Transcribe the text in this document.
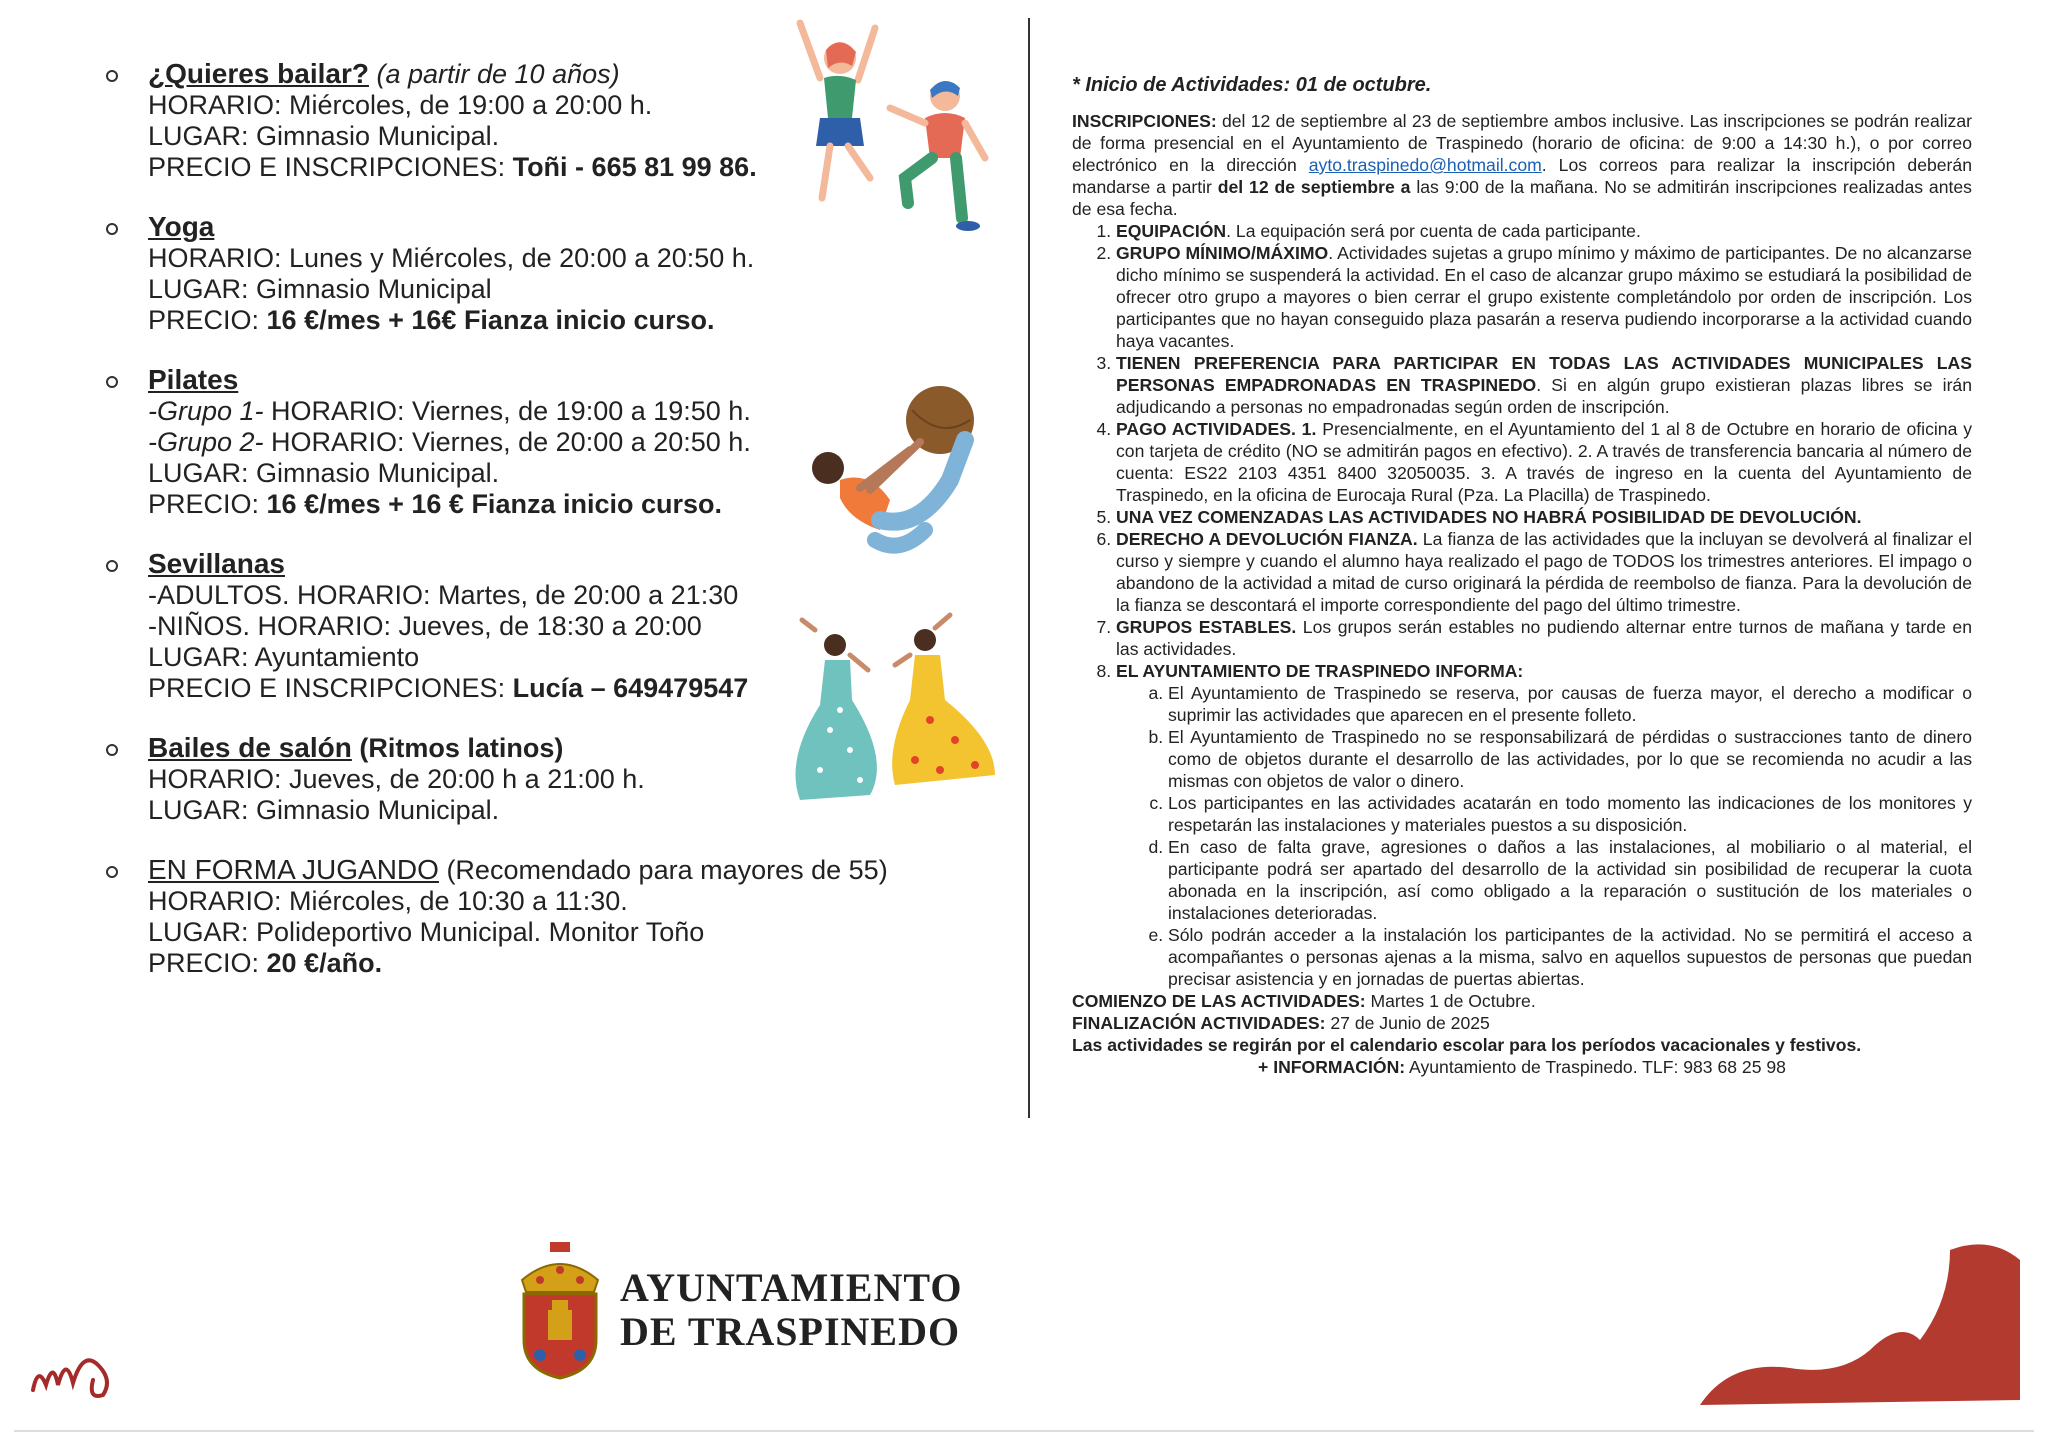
¿Quieres bailar? (a partir de 10 años)
HORARIO: Miércoles, de 19:00 a 20:00 h.
LUGAR: Gimnasio Municipal.
PRECIO E INSCRIPCIONES: Toñi - 665 81 99 86.
Yoga
HORARIO: Lunes y Miércoles, de 20:00 a 20:50 h.
LUGAR: Gimnasio Municipal
PRECIO: 16 €/mes + 16€ Fianza inicio curso.
Pilates
-Grupo 1- HORARIO: Viernes, de 19:00 a 19:50 h.
-Grupo 2- HORARIO: Viernes, de 20:00 a 20:50 h.
LUGAR: Gimnasio Municipal.
PRECIO: 16 €/mes + 16 € Fianza inicio curso.
Sevillanas
-ADULTOS. HORARIO: Martes, de 20:00 a 21:30
-NIÑOS. HORARIO: Jueves, de 18:30 a 20:00
LUGAR: Ayuntamiento
PRECIO E INSCRIPCIONES: Lucía – 649479547
Bailes de salón (Ritmos latinos)
HORARIO: Jueves, de 20:00 h a 21:00 h.
LUGAR: Gimnasio Municipal.
EN FORMA JUGANDO (Recomendado para mayores de 55)
HORARIO: Miércoles, de 10:30 a 11:30.
LUGAR: Polideportivo Municipal. Monitor Toño
PRECIO: 20 €/año.
* Inicio de Actividades: 01 de octubre.

INSCRIPCIONES: del 12 de septiembre al 23 de septiembre ambos inclusive. Las inscripciones se podrán realizar de forma presencial en el Ayuntamiento de Traspinedo (horario de oficina: de 9:00 a 14:30 h.), o por correo electrónico en la dirección ayto.traspinedo@hotmail.com. Los correos para realizar la inscripción deberán mandarse a partir del 12 de septiembre a las 9:00 de la mañana. No se admitirán inscripciones realizadas antes de esa fecha.

1. EQUIPACIÓN. La equipación será por cuenta de cada participante.
2. GRUPO MÍNIMO/MÁXIMO. Actividades sujetas a grupo mínimo y máximo de participantes. De no alcanzarse dicho mínimo se suspenderá la actividad. En el caso de alcanzar grupo máximo se estudiará la posibilidad de ofrecer otro grupo a mayores o bien cerrar el grupo existente completándolo por orden de inscripción. Los participantes que no hayan conseguido plaza pasarán a reserva pudiendo incorporarse a la actividad cuando haya vacantes.
3. TIENEN PREFERENCIA PARA PARTICIPAR EN TODAS LAS ACTIVIDADES MUNICIPALES LAS PERSONAS EMPADRONADAS EN TRASPINEDO. Si en algún grupo existieran plazas libres se irán adjudicando a personas no empadronadas según orden de inscripción.
4. PAGO ACTIVIDADES. 1. Presencialmente, en el Ayuntamiento del 1 al 8 de Octubre en horario de oficina y con tarjeta de crédito (NO se admitirán pagos en efectivo). 2. A través de transferencia bancaria al número de cuenta: ES22 2103 4351 8400 32050035. 3. A través de ingreso en la cuenta del Ayuntamiento de Traspinedo, en la oficina de Eurocaja Rural (Pza. La Placilla) de Traspinedo.
5. UNA VEZ COMENZADAS LAS ACTIVIDADES NO HABRÁ POSIBILIDAD DE DEVOLUCIÓN.
6. DERECHO A DEVOLUCIÓN FIANZA. La fianza de las actividades que la incluyan se devolverá al finalizar el curso y siempre y cuando el alumno haya realizado el pago de TODOS los trimestres anteriores. El impago o abandono de la actividad a mitad de curso originará la pérdida de reembolso de fianza. Para la devolución de la fianza se descontará el importe correspondiente del pago del último trimestre.
7. GRUPOS ESTABLES. Los grupos serán estables no pudiendo alternar entre turnos de mañana y tarde en las actividades.
8. EL AYUNTAMIENTO DE TRASPINEDO INFORMA:
a. El Ayuntamiento de Traspinedo se reserva, por causas de fuerza mayor, el derecho a modificar o suprimir las actividades que aparecen en el presente folleto.
b. El Ayuntamiento de Traspinedo no se responsabilizará de pérdidas o sustracciones tanto de dinero como de objetos durante el desarrollo de las actividades, por lo que se recomienda no acudir a las mismas con objetos de valor o dinero.
c. Los participantes en las actividades acatarán en todo momento las indicaciones de los monitores y respetarán las instalaciones y materiales puestos a su disposición.
d. En caso de falta grave, agresiones o daños a las instalaciones, al mobiliario o al material, el participante podrá ser apartado del desarrollo de la actividad sin posibilidad de recuperar la cuota abonada en la inscripción, así como obligado a la reparación o sustitución de los materiales o instalaciones deterioradas.
e. Sólo podrán acceder a la instalación los participantes de la actividad. No se permitirá el acceso a acompañantes o personas ajenas a la misma, salvo en aquellos supuestos de personas que puedan precisar asistencia y en jornadas de puertas abiertas.

COMIENZO DE LAS ACTIVIDADES: Martes 1 de Octubre.

FINALIZACIÓN ACTIVIDADES: 27 de Junio de 2025

Las actividades se regirán por el calendario escolar para los períodos vacacionales y festivos.

+ INFORMACIÓN: Ayuntamiento de Traspinedo. TLF: 983 68 25 98

AYUNTAMIENTO
DE TRASPINEDO
